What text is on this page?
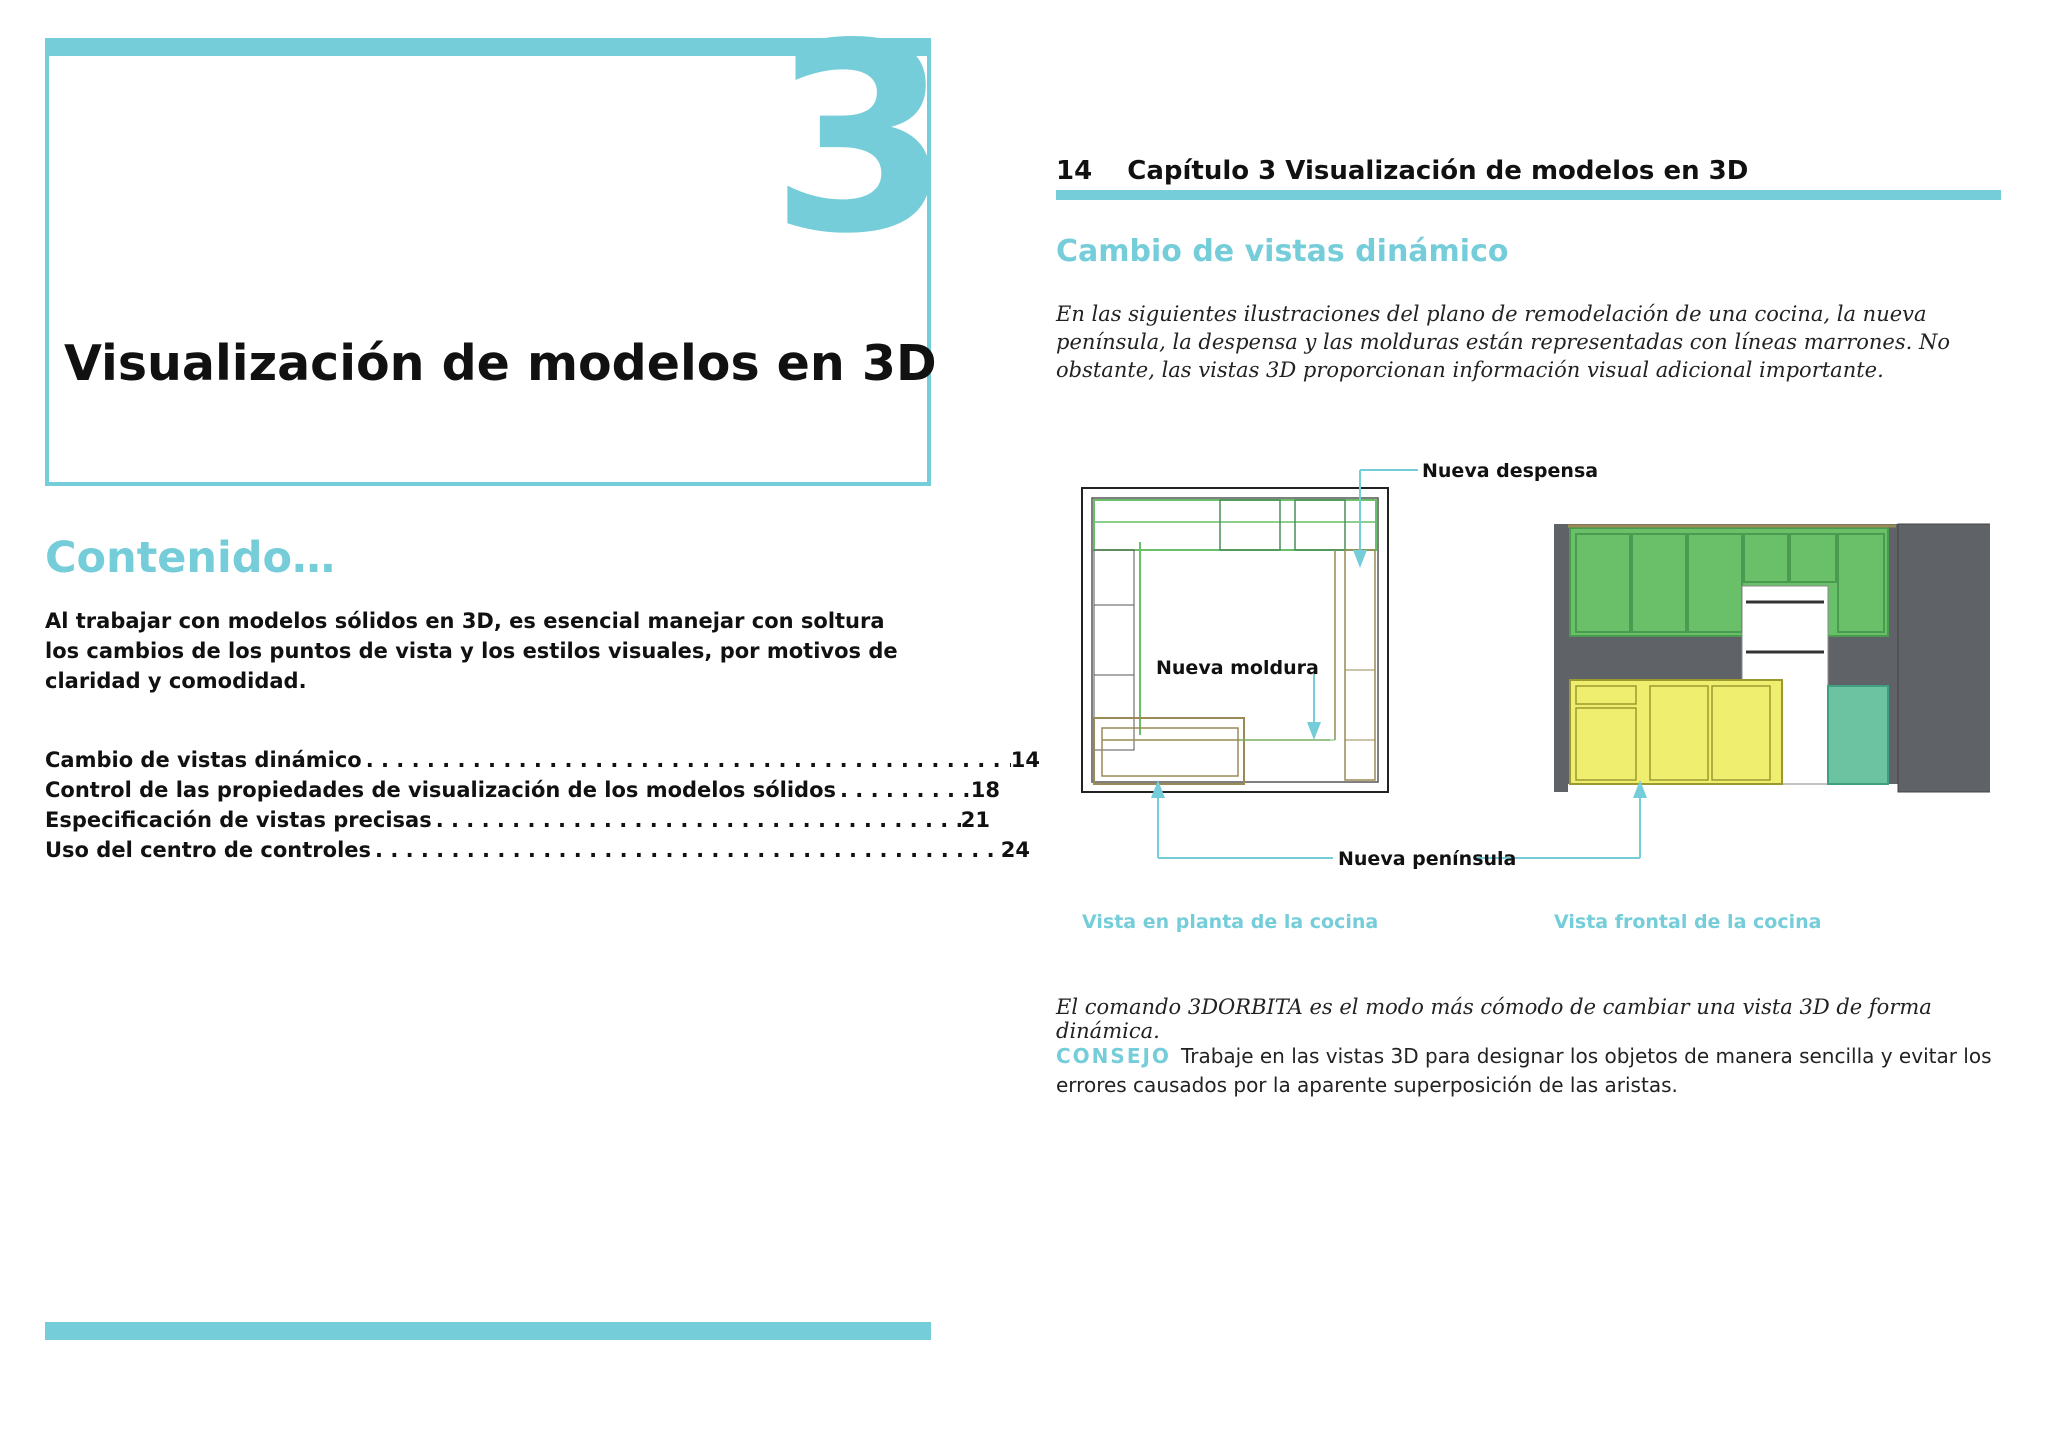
3
Visualización de modelos en 3D
Contenido…
Al trabajar con modelos sólidos en 3D, es esencial manejar con soltura los cambios de los puntos de vista y los estilos visuales, por motivos de claridad y comodidad.
Cambio de vistas dinámico . . .	14
Control de las propiedades de visualización de los modelos sólidos . . .	18
Especificación de vistas precisas . . .	21
Uso del centro de controles . . .	24
14 Capítulo 3 Visualización de modelos en 3D
Cambio de vistas dinámico
En las siguientes ilustraciones del plano de remodelación de una cocina, la nueva península, la despensa y las molduras están representadas con líneas marrones. No obstante, las vistas 3D proporcionan información visual adicional importante.
Nueva despensa
Nueva moldura
Nueva península
Vista en planta de la cocina	Vista frontal de la cocina
El comando 3DORBITA es el modo más cómodo de cambiar una vista 3D de forma dinámica.
CONSEJO Trabaje en las vistas 3D para designar los objetos de manera sencilla y evitar los errores causados por la aparente superposición de las aristas.
